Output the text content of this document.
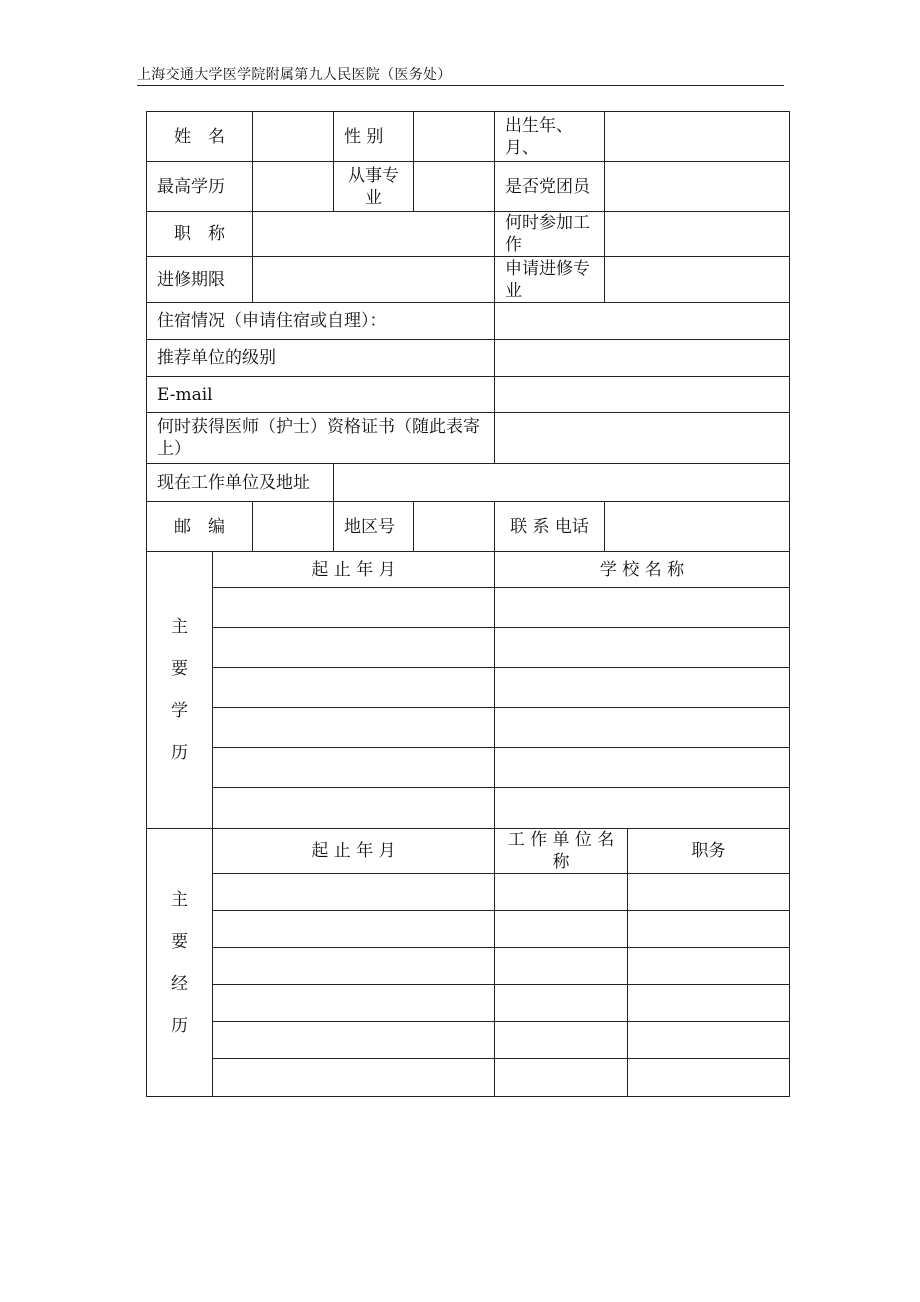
上海交通大学医学院附属第九人民医院（医务处）
姓　名			性 别		出生年、月、		
最高学历			从事专业		是否党团员		
职　称					何时参加工作		
进修期限					申请进修专业		
住宿情况（申请住宿或自理）：							
推荐单位的级别							
E-mail							
何时获得医师（护士）资格证书（随此表寄上）							
现在工作单位及地址							
邮　编			地区号		联 系 电话		

主
要
学
历	起 止 年 月				学 校 名 称		

主
要
经
历	起 止 年 月				工 作 单 位 名 称		职务
